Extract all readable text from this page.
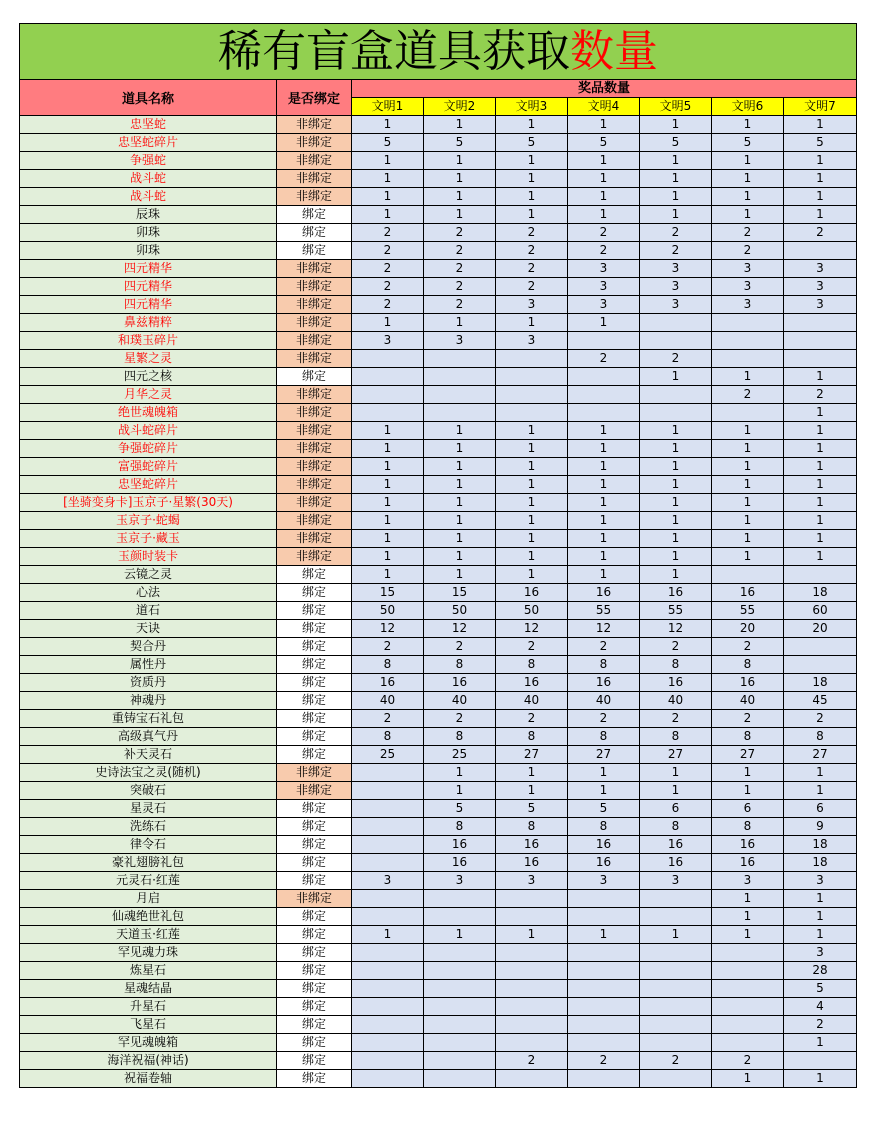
稀有盲盒道具获取数量								
道具名称	是否绑定	奖品数量						
		文明1	文明2	文明3	文明4	文明5	文明6	文明7
忠坚蛇	非绑定	1	1	1	1	1	1	1
忠坚蛇碎片	非绑定	5	5	5	5	5	5	5
争强蛇	非绑定	1	1	1	1	1	1	1
战斗蛇	非绑定	1	1	1	1	1	1	1
战斗蛇	非绑定	1	1	1	1	1	1	1
辰珠	绑定	1	1	1	1	1	1	1
卯珠	绑定	2	2	2	2	2	2	2
卯珠	绑定	2	2	2	2	2	2	
四元精华	非绑定	2	2	2	3	3	3	3
四元精华	非绑定	2	2	2	3	3	3	3
四元精华	非绑定	2	2	3	3	3	3	3
鼻兹精粹	非绑定	1	1	1	1			
和璞玉碎片	非绑定	3	3	3				
星繁之灵	非绑定				2	2		
四元之核	绑定					1	1	1
月华之灵	非绑定						2	2
绝世魂魄箱	非绑定							1
战斗蛇碎片	非绑定	1	1	1	1	1	1	1
争强蛇碎片	非绑定	1	1	1	1	1	1	1
富强蛇碎片	非绑定	1	1	1	1	1	1	1
忠坚蛇碎片	非绑定	1	1	1	1	1	1	1
[坐骑变身卡]玉京子·星繁(30天)	非绑定	1	1	1	1	1	1	1
玉京子·蛇蝎	非绑定	1	1	1	1	1	1	1
玉京子·藏玉	非绑定	1	1	1	1	1	1	1
玉颜时装卡	非绑定	1	1	1	1	1	1	1
云镜之灵	绑定	1	1	1	1	1		
心法	绑定	15	15	16	16	16	16	18
道石	绑定	50	50	50	55	55	55	60
天诀	绑定	12	12	12	12	12	20	20
契合丹	绑定	2	2	2	2	2	2	
属性丹	绑定	8	8	8	8	8	8	
资质丹	绑定	16	16	16	16	16	16	18
神魂丹	绑定	40	40	40	40	40	40	45
重铸宝石礼包	绑定	2	2	2	2	2	2	2
高级真气丹	绑定	8	8	8	8	8	8	8
补天灵石	绑定	25	25	27	27	27	27	27
史诗法宝之灵(随机)	非绑定		1	1	1	1	1	1
突破石	非绑定		1	1	1	1	1	1
星灵石	绑定		5	5	5	6	6	6
洗练石	绑定		8	8	8	8	8	9
律令石	绑定		16	16	16	16	16	18
豪礼翅膀礼包	绑定		16	16	16	16	16	18
元灵石·红莲	绑定	3	3	3	3	3	3	3
月启	非绑定						1	1
仙魂绝世礼包	绑定						1	1
天道玉·红莲	绑定	1	1	1	1	1	1	1
罕见魂力珠	绑定							3
炼星石	绑定							28
星魂结晶	绑定							5
升星石	绑定							4
飞星石	绑定							2
罕见魂魄箱	绑定							1
海洋祝福(神话)	绑定			2	2	2	2	
祝福卷轴	绑定						1	1
